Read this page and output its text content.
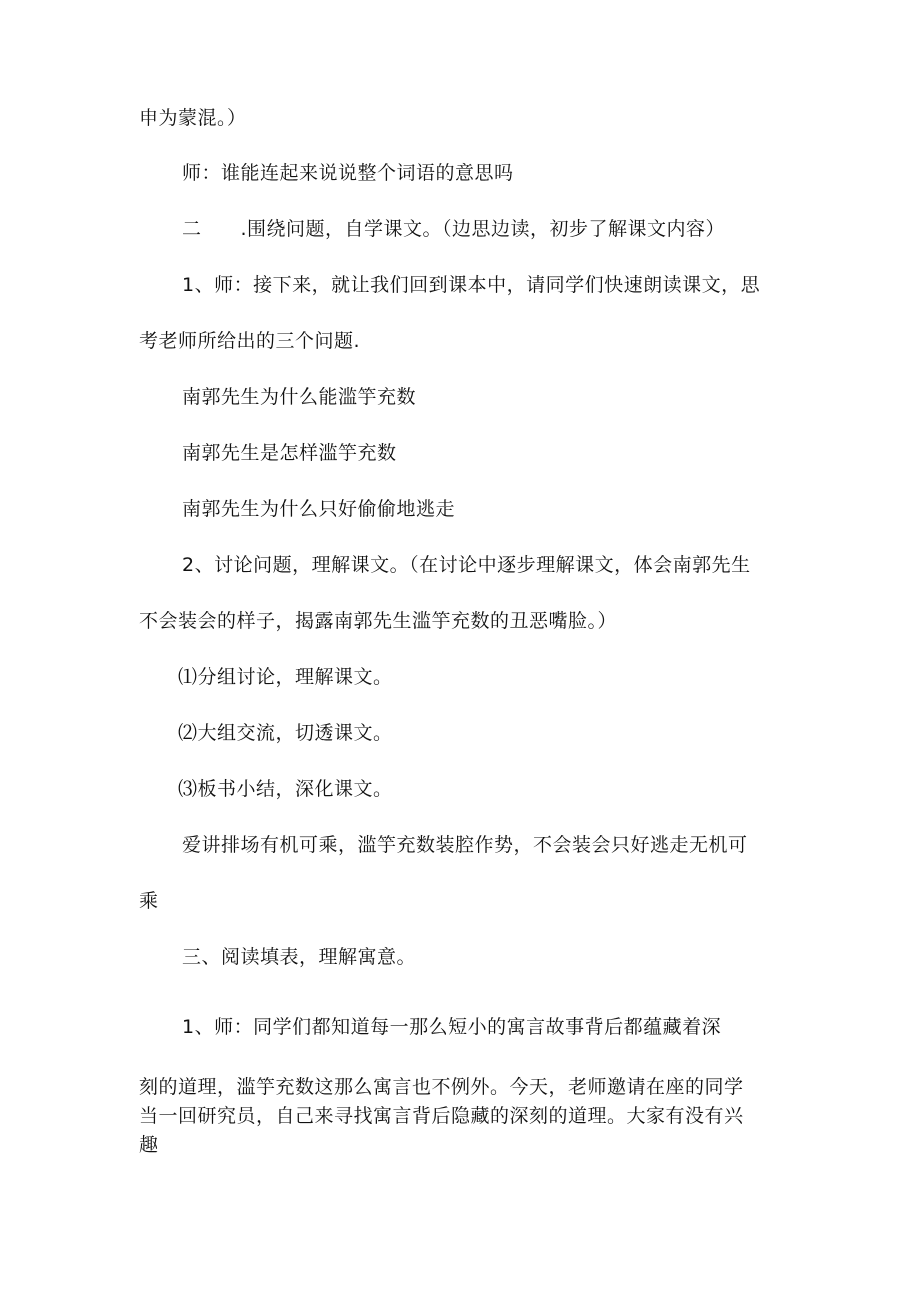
申为蒙混。）
师：谁能连起来说说整个词语的意思吗
二　　.围绕问题，自学课文。（边思边读，初步了解课文内容）
1、师：接下来，就让我们回到课本中，请同学们快速朗读课文，思
考老师所给出的三个问题.
南郭先生为什么能滥竽充数
南郭先生是怎样滥竽充数
南郭先生为什么只好偷偷地逃走
2、讨论问题，理解课文。（在讨论中逐步理解课文，体会南郭先生
不会装会的样子，揭露南郭先生滥竽充数的丑恶嘴脸。）
⑴分组讨论，理解课文。
⑵大组交流，切透课文。
⑶板书小结，深化课文。
爱讲排场有机可乘，滥竽充数装腔作势，不会装会只好逃走无机可
乘
三、阅读填表，理解寓意。
1、师：同学们都知道每一那么短小的寓言故事背后都蕴藏着深
刻的道理，滥竽充数这那么寓言也不例外。今天，老师邀请在座的同学
当一回研究员，自己来寻找寓言背后隐藏的深刻的道理。大家有没有兴
趣
